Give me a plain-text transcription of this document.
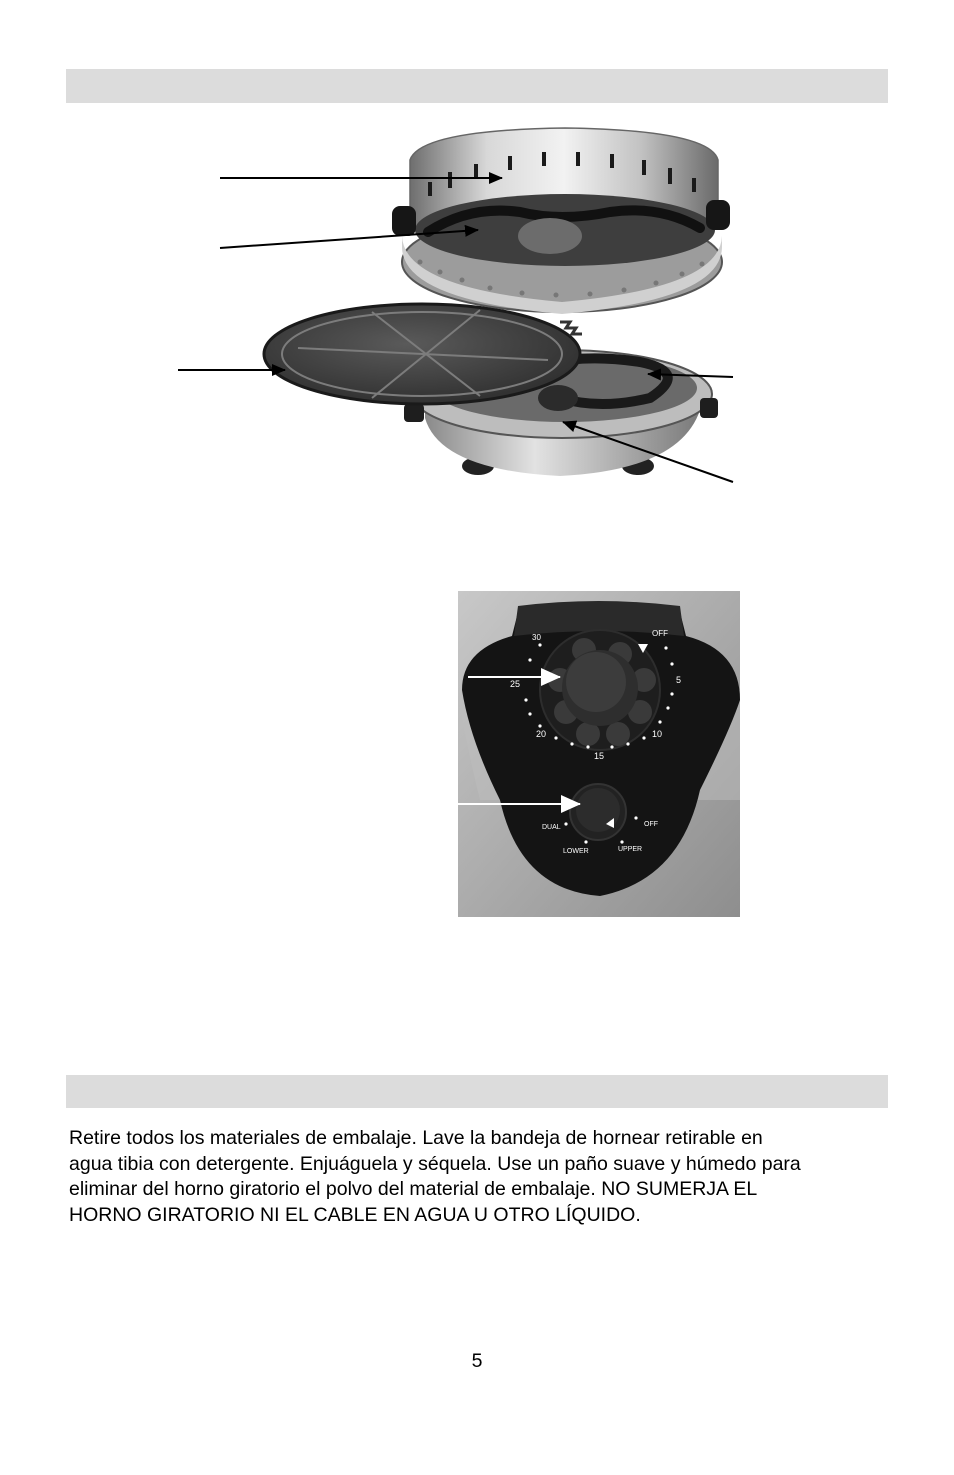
30	OFF
5
10
15
20
25
DUAL	OFF
LOWER	UPPER

Retire todos los materiales de embalaje. Lave la bandeja de hornear retirable en
agua tibia con detergente. Enjuáguela y séquela. Use un paño suave y húmedo para
eliminar del horno giratorio el polvo del material de embalaje. NO SUMERJA EL
HORNO GIRATORIO NI EL CABLE EN AGUA U OTRO LÍQUIDO.

5
